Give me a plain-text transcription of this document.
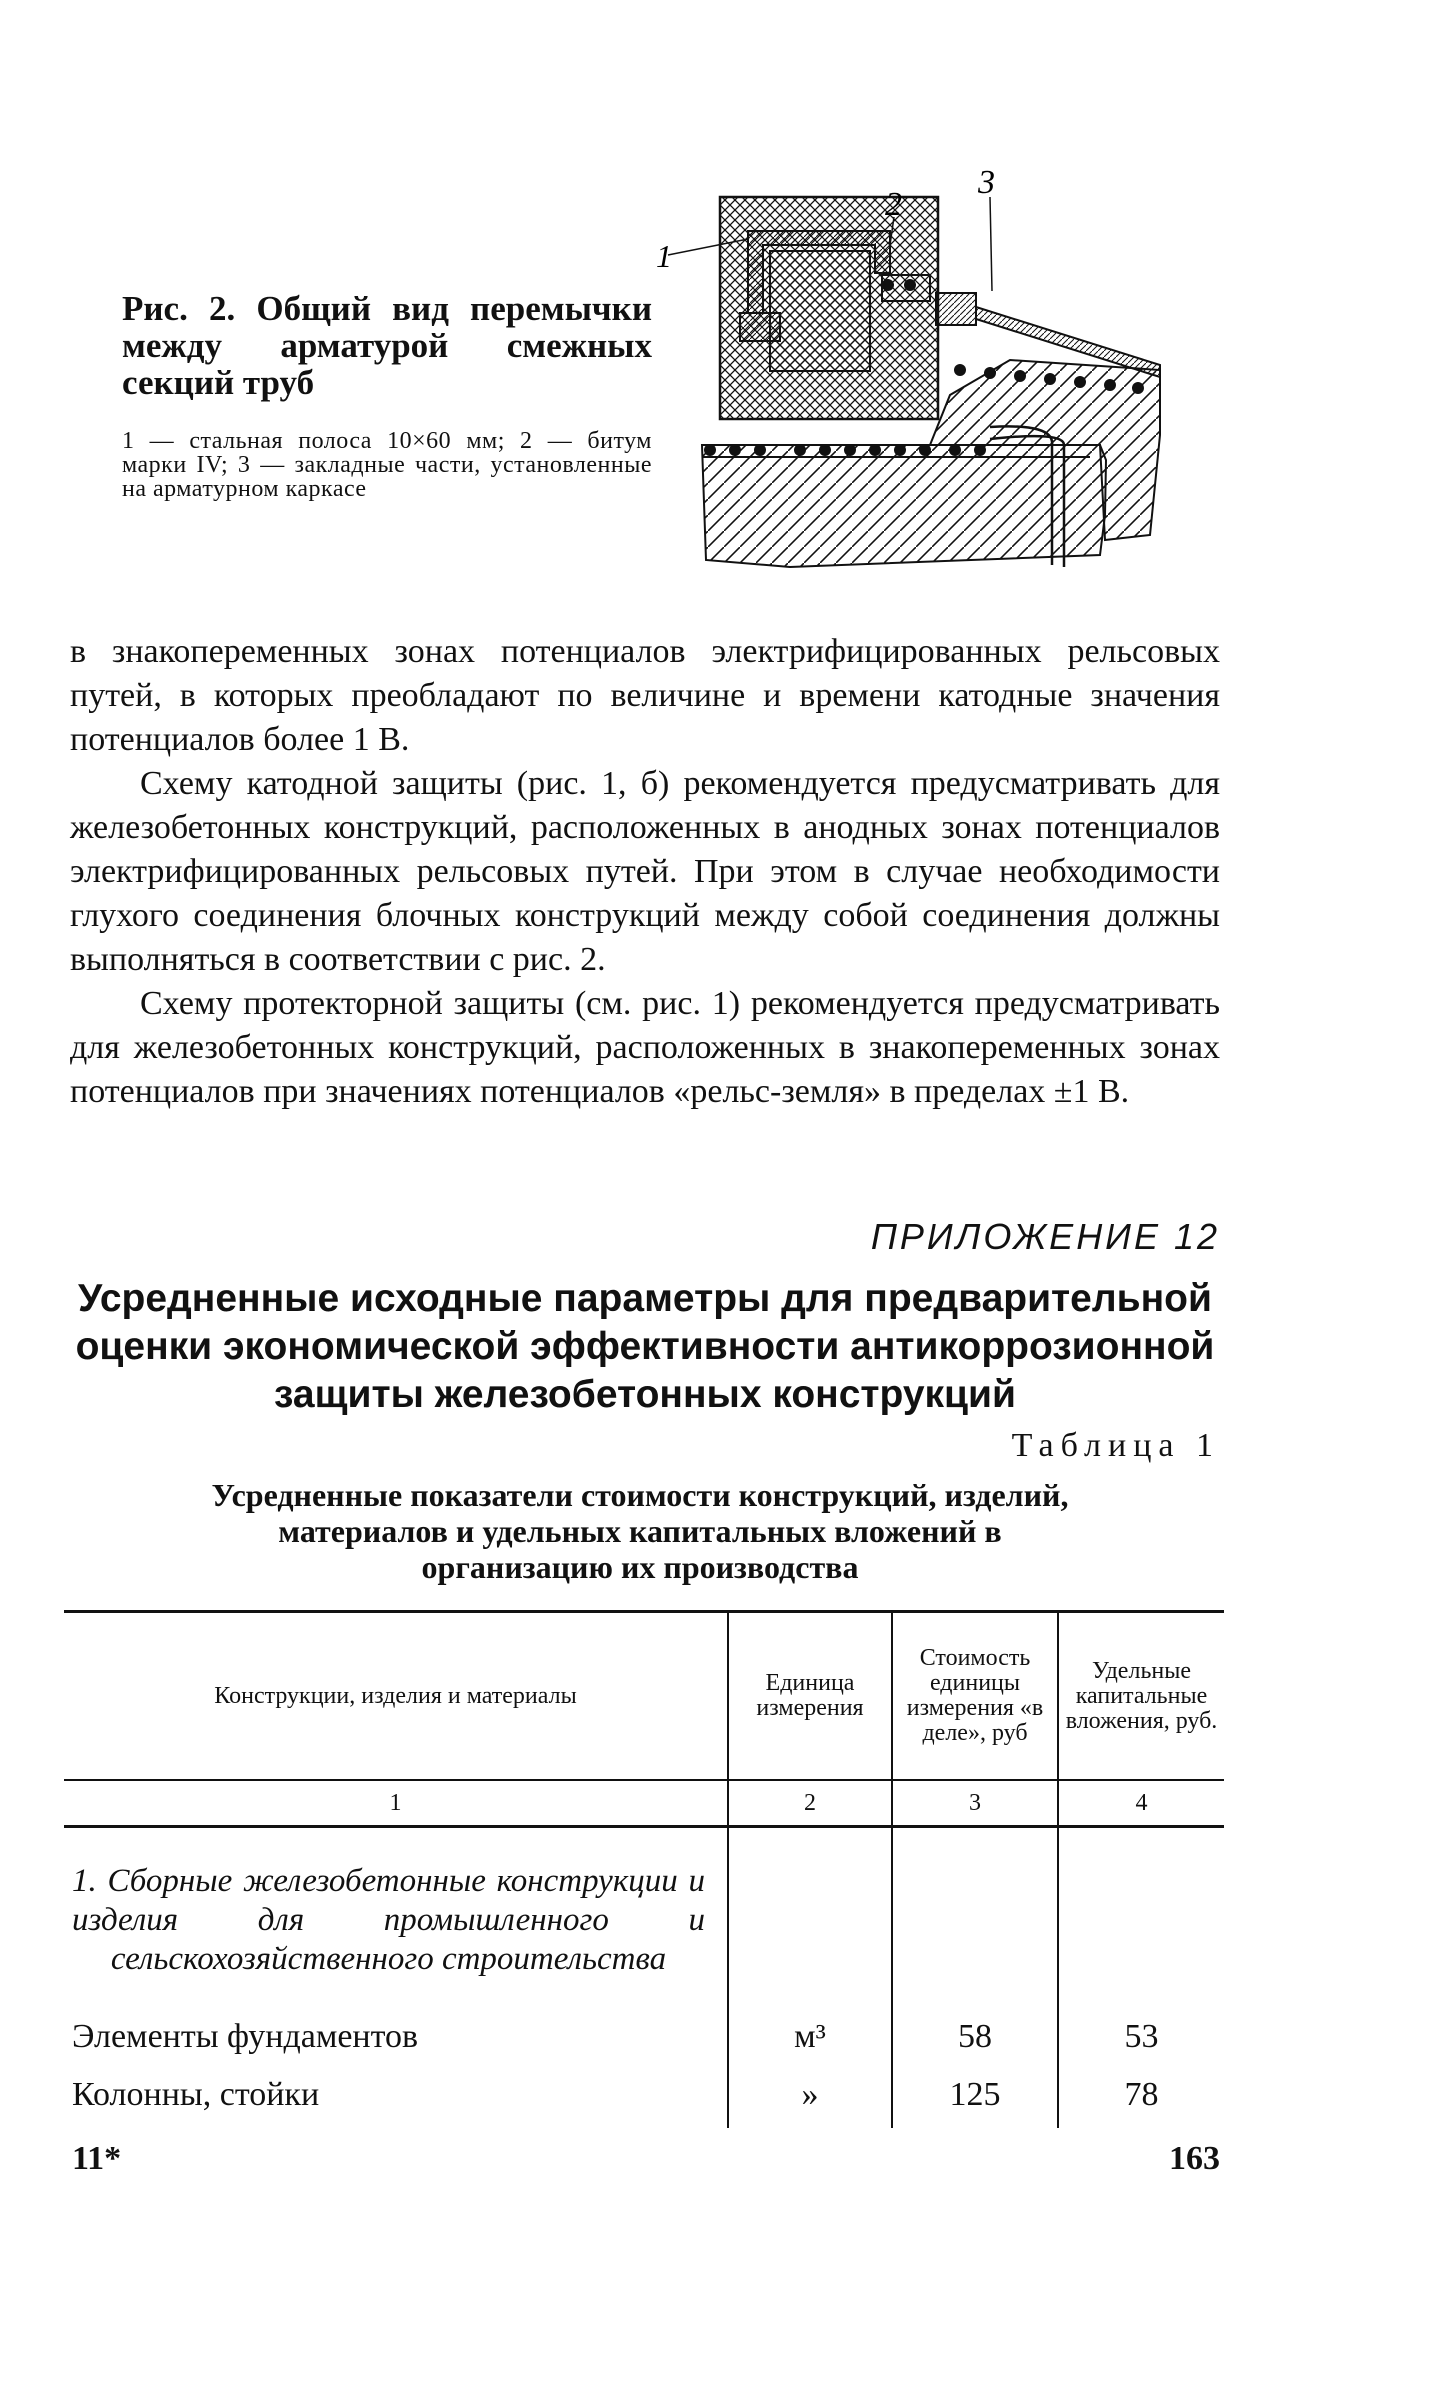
Рис. 2. Общий вид перемычки между арматурой смежных секций труб

1 — стальная полоса 10×60 мм; 2 — битум марки IV; 3 — закладные части, установленные на арматурном каркасе
2
3
1

в знакопеременных зонах потенциалов электрифицированных рельсовых путей, в которых преобладают по величине и времени катодные значения потенциалов более 1 В.

Схему катодной защиты (рис. 1, б) рекомендуется предусматривать для железобетонных конструкций, расположенных в анодных зонах потенциалов электрифицированных рельсовых путей. При этом в случае необходимости глухого соединения блочных конструкций между собой соединения должны выполняться в соответствии с рис. 2.

Схему протекторной защиты (см. рис. 1) рекомендуется предусматривать для железобетонных конструкций, расположенных в знакопеременных зонах потенциалов при значениях потенциалов «рельс-земля» в пределах ±1 В.

ПРИЛОЖЕНИЕ 12
Усредненные исходные параметры для предварительной оценки экономической эффективности антикоррозионной защиты железобетонных конструкций
Таблица 1
Усредненные показатели стоимости конструкций, изделий, материалов и удельных капитальных вложений в организацию их производства
Конструкции, изделия и материалы	Единица измерения	Стоимость единицы измерения «в деле», руб	Удельные капитальные вложения, руб.
1	2	3	4
1. Сборные железобетонные конструкции и изделия для промышленного и сельскохозяйственного строительства			
Элементы фундаментов	м³	58	53
Колонны, стойки	»	125	78
11*	163
